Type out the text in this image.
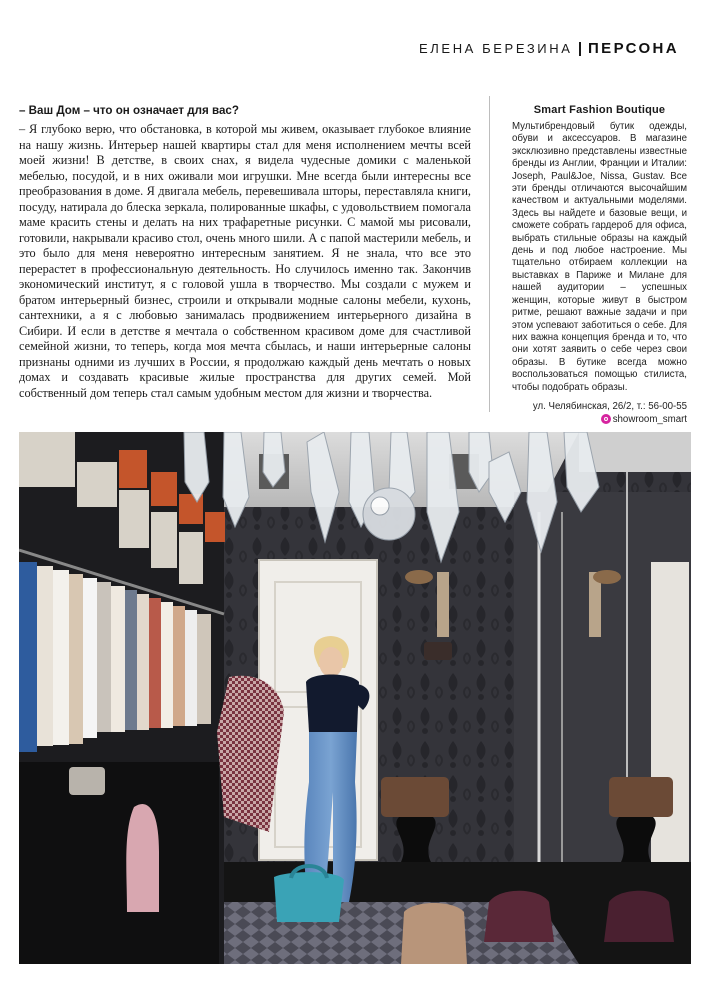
ЕЛЕНА БЕРЕЗИНА ПЕРСОНА

– Ваш Дом – что он означает для вас?

– Я глубоко верю, что обстановка, в которой мы живем, оказывает глубокое влияние на нашу жизнь. Интерьер нашей квартиры стал для меня исполнением мечты всей моей жизни! В детстве, в своих снах, я видела чудесные домики с маленькой мебелью, посудой, и в них оживали мои игрушки. Мне всегда были интересны все преобразования в доме. Я двигала мебель, перевешивала шторы, переставляла книги, посуду, натирала до блеска зеркала, полированные шкафы, с удовольствием помогала маме красить стены и делать на них трафаретные рисунки. С мамой мы рисовали, готовили, накрывали красиво стол, очень много шили. А с папой мастерили мебель, и это было для меня невероятно интересным занятием. Я не знала, что все это перерастет в профессиональную деятельность. Но случилось именно так. Закончив экономический институт, я с головой ушла в творчество. Мы создали с мужем и братом интерьерный бизнес, строили и открывали модные салоны мебели, кухонь, сантехники, а я с любовью занималась продвижением интерьерного дизайна в Сибири. И если в детстве я мечтала о собственном красивом доме для счастливой семейной жизни, то теперь, когда моя мечта сбылась, и наши интерьерные салоны признаны одними из лучших в России, я продолжаю каждый день мечтать о новых домах и создавать красивые жилые пространства для других семей. Мой собственный дом теперь стал самым удобным местом для жизни и творчества.

Smart Fashion Boutique

Мультибрендовый бутик одежды, обуви и аксессуаров. В магазине эксклюзивно представлены известные бренды из Англии, Франции и Италии: Joseph, Paul&Joe, Nissa, Gustav. Все эти бренды отличаются высочайшим качеством и актуальными моделями. Здесь вы найдете и базовые вещи, и сможете собрать гардероб для офиса, выбрать стильные образы на каждый день и под любое настроение. Мы тщательно отбираем коллекции на выставках в Париже и Милане для нашей аудитории – успешных женщин, которые живут в быстром ритме, решают важные задачи и при этом успевают заботиться о себе. Для них важна концепция бренда и то, что они хотят заявить о себе через свои образы. В бутике всегда можно воспользоваться помощью стилиста, чтобы подобрать образы.

ул. Челябинская, 26/2, т.: 56-00-55

showroom_smart
